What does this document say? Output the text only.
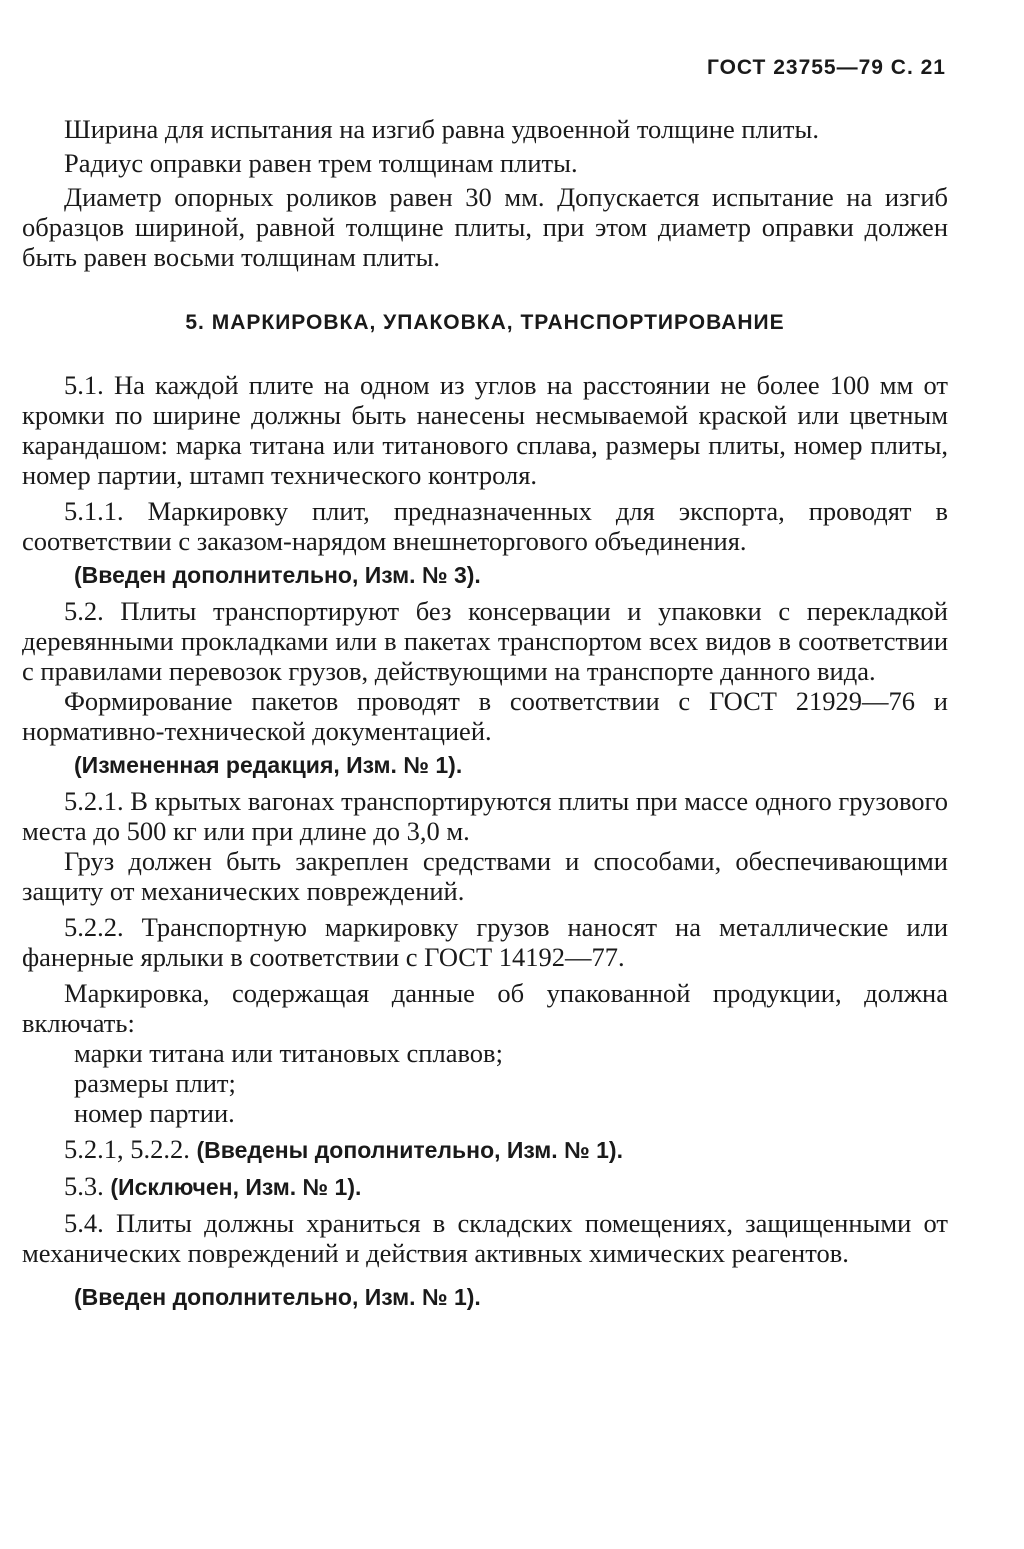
ГОСТ 23755—79 С. 21

Ширина для испытания на изгиб равна удвоенной толщине плиты.

Радиус оправки равен трем толщинам плиты.

Диаметр опорных роликов равен 30 мм. Допускается испытание на изгиб образцов шириной, равной толщине плиты, при этом диаметр оправки должен быть равен восьми толщинам плиты.

5. МАРКИРОВКА, УПАКОВКА, ТРАНСПОРТИРОВАНИЕ

5.1. На каждой плите на одном из углов на расстоянии не более 100 мм от кромки по ширине должны быть нанесены несмываемой краской или цветным карандашом: марка титана или титанового сплава, размеры плиты, номер плиты, номер партии, штамп технического контроля.

5.1.1. Маркировку плит, предназначенных для экспорта, проводят в соответствии с заказом-нарядом внешнеторгового объединения.

(Введен дополнительно, Изм. № 3).

5.2. Плиты транспортируют без консервации и упаковки с перекладкой деревянными прокладками или в пакетах транспортом всех видов в соответствии с правилами перевозок грузов, действующими на транспорте данного вида.

Формирование пакетов проводят в соответствии с ГОСТ 21929—76 и нормативно-технической документацией.

(Измененная редакция, Изм. № 1).

5.2.1. В крытых вагонах транспортируются плиты при массе одного грузового места до 500 кг или при длине до 3,0 м.

Груз должен быть закреплен средствами и способами, обеспечивающими защиту от механических повреждений.

5.2.2. Транспортную маркировку грузов наносят на металлические или фанерные ярлыки в соответствии с ГОСТ 14192—77.

Маркировка, содержащая данные об упакованной продукции, должна включать:

марки титана или титановых сплавов;

размеры плит;

номер партии.

5.2.1, 5.2.2. (Введены дополнительно, Изм. № 1).

5.3. (Исключен, Изм. № 1).

5.4. Плиты должны храниться в складских помещениях, защищенными от механических повреждений и действия активных химических реагентов.

(Введен дополнительно, Изм. № 1).
